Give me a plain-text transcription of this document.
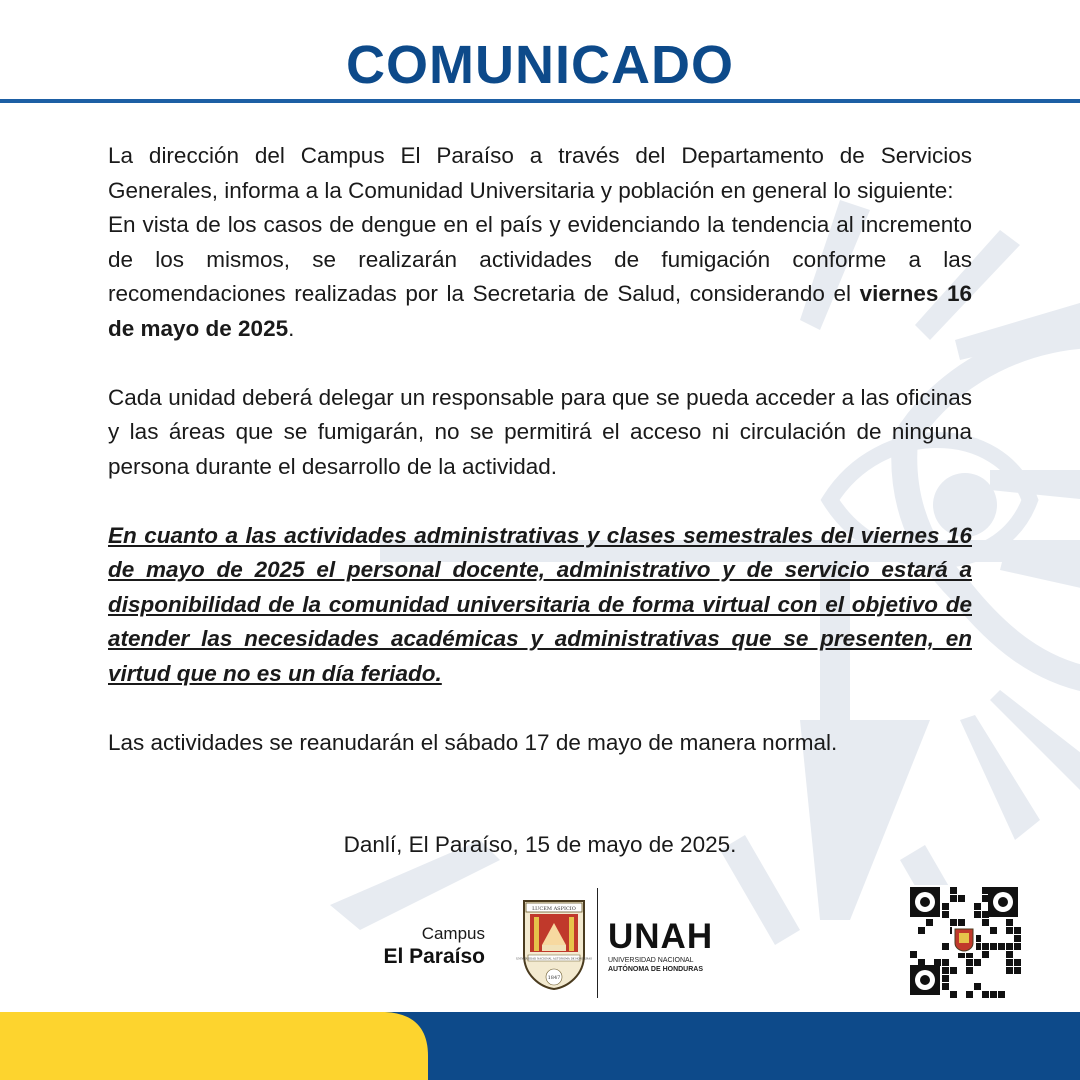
COMUNICADO

La dirección del Campus El Paraíso a través del Departamento de Servicios Generales, informa a la Comunidad Universitaria y población en general lo siguiente:

En vista de los casos de dengue en el país y evidenciando la tendencia al incremento de los mismos, se realizarán actividades de fumigación conforme a las recomendaciones realizadas por la Secretaria de Salud, considerando el viernes 16 de mayo de 2025.

Cada unidad deberá delegar un responsable para que se pueda acceder a las oficinas y las áreas que se fumigarán, no se permitirá el acceso ni circulación de ninguna persona durante el desarrollo de la actividad.

En cuanto a las actividades administrativas y clases semestrales del viernes 16 de mayo de 2025 el personal docente, administrativo y de servicio estará a disponibilidad de la comunidad universitaria de forma virtual con el objetivo de atender las necesidades académicas y administrativas que se presenten, en virtud que no es un día feriado.

Las actividades se reanudarán el sábado 17 de mayo de manera normal.

Danlí, El Paraíso, 15 de mayo de 2025.
Campus
El Paraíso
LUCEM ASPICIO
UNIVERSIDAD NACIONAL AUTÓNOMA DE HONDURAS
1847
UNAH
UNIVERSIDAD NACIONAL
AUTÓNOMA DE HONDURAS
